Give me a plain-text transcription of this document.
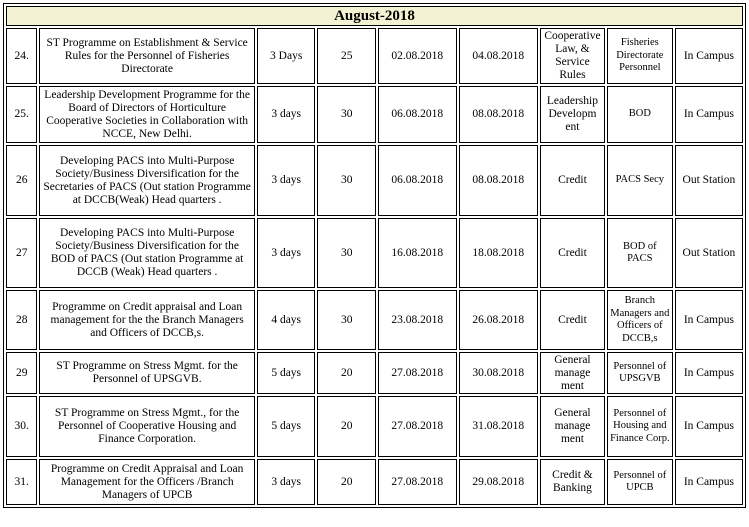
August-2018								
24.	ST Programme on Establishment & Service Rules for the Personnel of Fisheries Directorate	3 Days	25	02.08.2018	04.08.2018	Cooperative Law, & Service Rules	Fisheries Directorate Personnel	In Campus
25.	Leadership Development Programme for the Board of Directors of Horticulture Cooperative Societies in Collaboration with NCCE, New Delhi.	3 days	30	06.08.2018	08.08.2018	Leadership Developm ent	BOD	In Campus
26	Developing PACS into Multi-Purpose Society/Business Diversification for the Secretaries of PACS (Out station Programme at DCCB(Weak) Head quarters .	3 days	30	06.08.2018	08.08.2018	Credit	PACS Secy	Out Station
27	Developing PACS into Multi-Purpose Society/Business Diversification for the BOD of PACS (Out station Programme at DCCB (Weak) Head quarters .	3 days	30	16.08.2018	18.08.2018	Credit	BOD of PACS	Out Station
28	Programme on Credit appraisal and Loan management for the the Branch Managers and Officers of DCCB,s.	4 days	30	23.08.2018	26.08.2018	Credit	Branch Managers and Officers of DCCB,s	In Campus
29	ST Programme on Stress Mgmt. for the Personnel of UPSGVB.	5 days	20	27.08.2018	30.08.2018	General manage ment	Personnel of UPSGVB	In Campus
30.	ST Programme on Stress Mgmt., for the Personnel of Cooperative Housing and Finance Corporation.	5 days	20	27.08.2018	31.08.2018	General manage ment	Personnel of Housing and Finance Corp.	In Campus
31.	Programme on Credit Appraisal and Loan Management for the Officers /Branch Managers of UPCB	3 days	20	27.08.2018	29.08.2018	Credit & Banking	Personnel of UPCB	In Campus
